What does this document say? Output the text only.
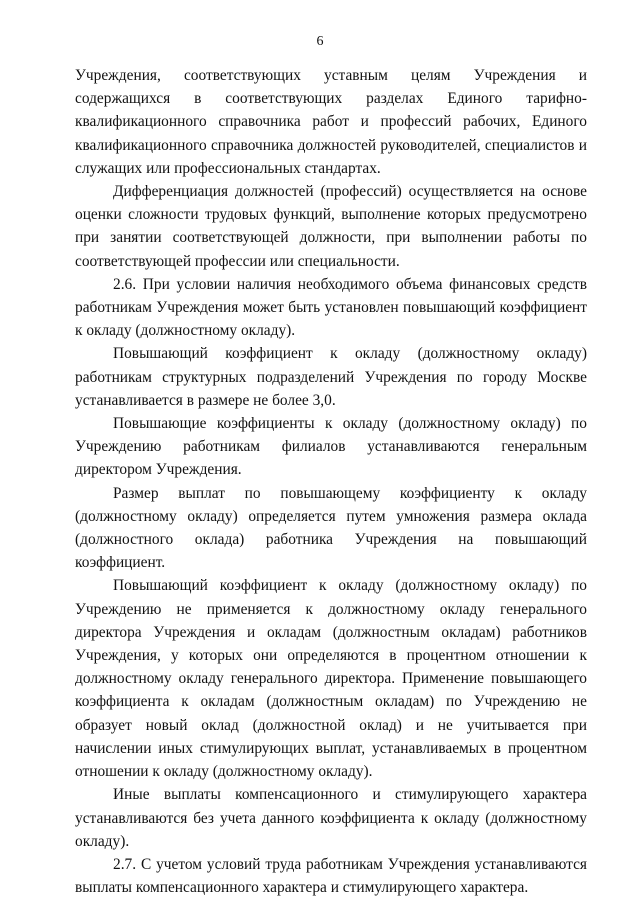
6

Учреждения, соответствующих уставным целям Учреждения и содержащихся в соответствующих разделах Единого тарифно-квалификационного справочника работ и профессий рабочих, Единого квалификационного справочника должностей руководителей, специалистов и служащих или профессиональных стандартах.

Дифференциация должностей (профессий) осуществляется на основе оценки сложности трудовых функций, выполнение которых предусмотрено при занятии соответствующей должности, при выполнении работы по соответствующей профессии или специальности.

2.6. При условии наличия необходимого объема финансовых средств работникам Учреждения может быть установлен повышающий коэффициент к окладу (должностному окладу).

Повышающий коэффициент к окладу (должностному окладу) работникам структурных подразделений Учреждения по городу Москве устанавливается в размере не более 3,0.

Повышающие коэффициенты к окладу (должностному окладу) по Учреждению работникам филиалов устанавливаются генеральным директором Учреждения.

Размер выплат по повышающему коэффициенту к окладу (должностному окладу) определяется путем умножения размера оклада (должностного оклада) работника Учреждения на повышающий коэффициент.

Повышающий коэффициент к окладу (должностному окладу) по Учреждению не применяется к должностному окладу генерального директора Учреждения и окладам (должностным окладам) работников Учреждения, у которых они определяются в процентном отношении к должностному окладу генерального директора. Применение повышающего коэффициента к окладам (должностным окладам) по Учреждению не образует новый оклад (должностной оклад) и не учитывается при начислении иных стимулирующих выплат, устанавливаемых в процентном отношении к окладу (должностному окладу).

Иные выплаты компенсационного и стимулирующего характера устанавливаются без учета данного коэффициента к окладу (должностному окладу).

2.7. С учетом условий труда работникам Учреждения устанавливаются выплаты компенсационного характера и стимулирующего характера.
